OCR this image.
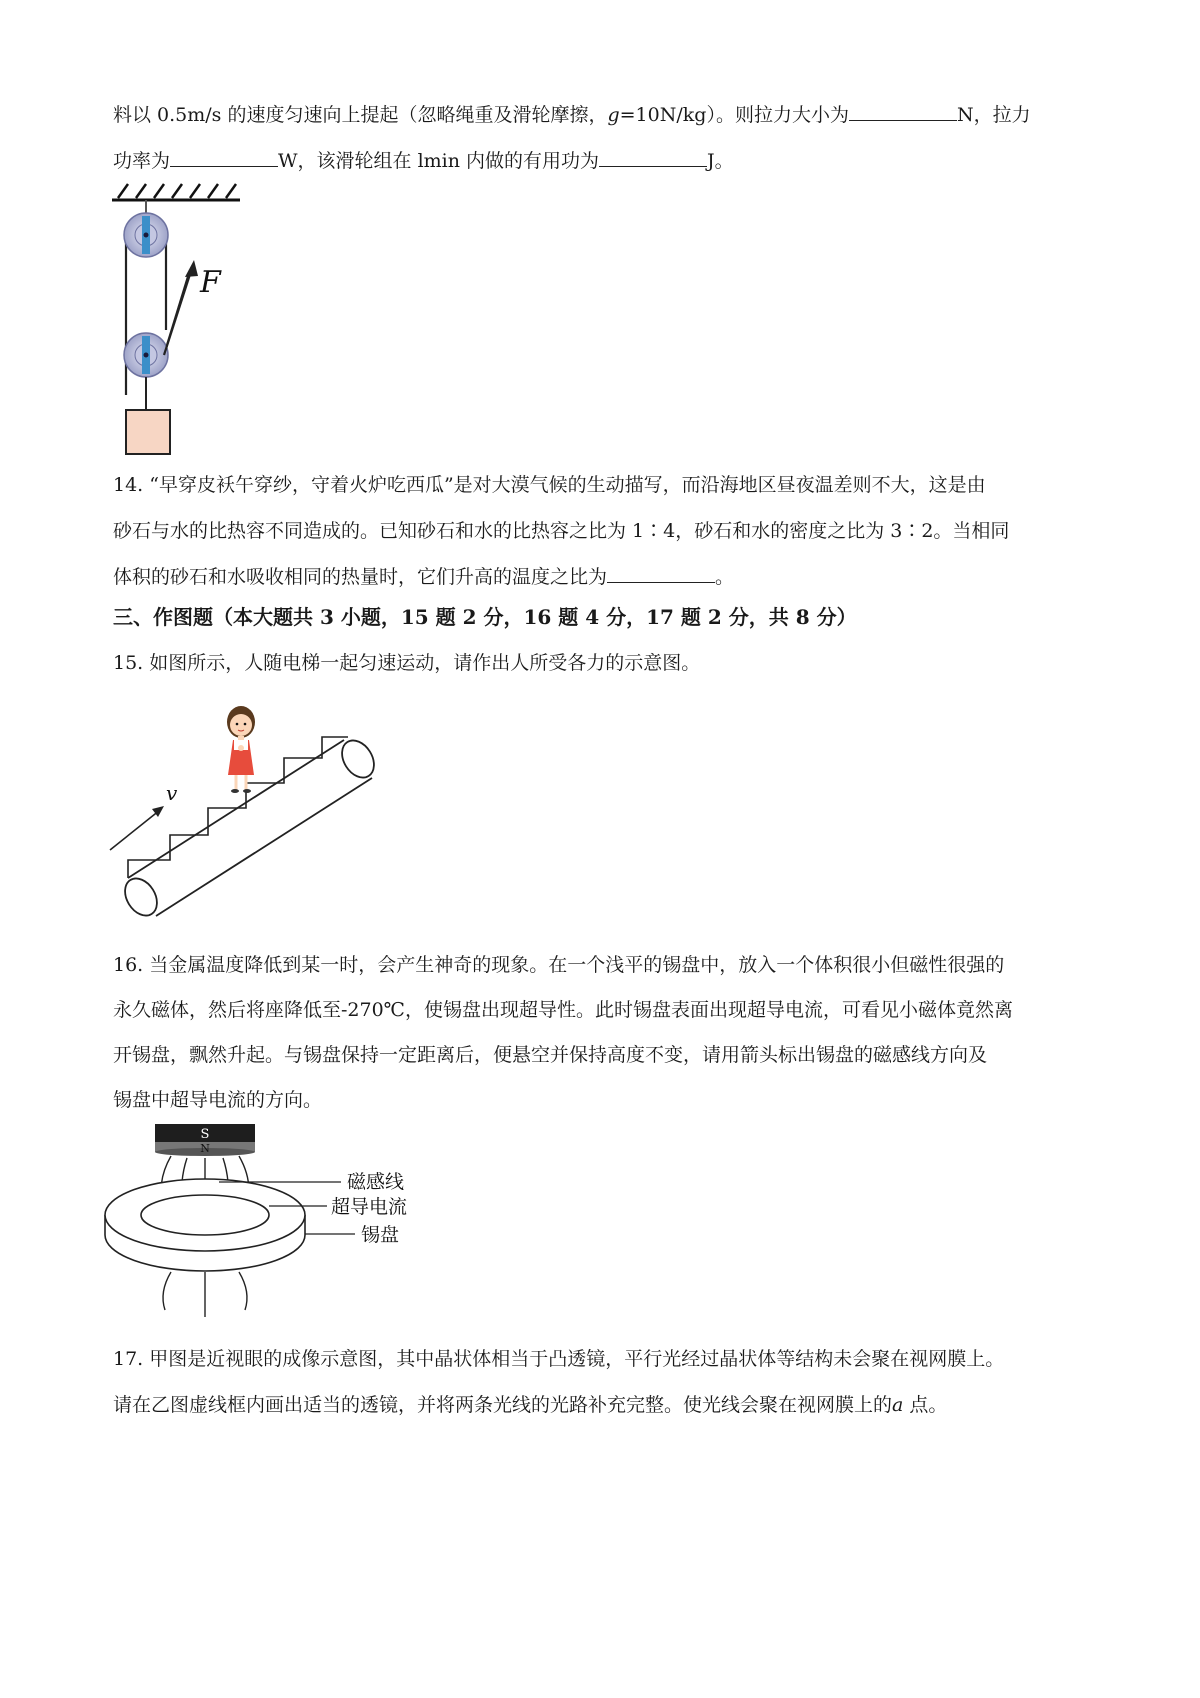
料以 0.5m/s 的速度匀速向上提起（忽略绳重及滑轮摩擦，g=10N/kg）。则拉力大小为	N，拉力
功率为	W，该滑轮组在 lmin 内做的有用功为	J。
F
14. “早穿皮袄午穿纱，守着火炉吃西瓜”是对大漠气候的生动描写，而沿海地区昼夜温差则不大，这是由
砂石与水的比热容不同造成的。已知砂石和水的比热容之比为 1∶4，砂石和水的密度之比为 3∶2。当相同
体积的砂石和水吸收相同的热量时，它们升高的温度之比为	。
三、作图题（本大题共 3 小题，15 题 2 分，16 题 4 分，17 题 2 分，共 8 分）
15. 如图所示，人随电梯一起匀速运动，请作出人所受各力的示意图。
v
16. 当金属温度降低到某一时，会产生神奇的现象。在一个浅平的锡盘中，放入一个体积很小但磁性很强的
永久磁体，然后将座降低至-270℃，使锡盘出现超导性。此时锡盘表面出现超导电流，可看见小磁体竟然离
开锡盘，飘然升起。与锡盘保持一定距离后，便悬空并保持高度不变，请用箭头标出锡盘的磁感线方向及
锡盘中超导电流的方向。
S
N
磁感线
超导电流
锡盘
17. 甲图是近视眼的成像示意图，其中晶状体相当于凸透镜，平行光经过晶状体等结构未会聚在视网膜上。
请在乙图虚线框内画出适当的透镜，并将两条光线的光路补充完整。使光线会聚在视网膜上的a 点。
